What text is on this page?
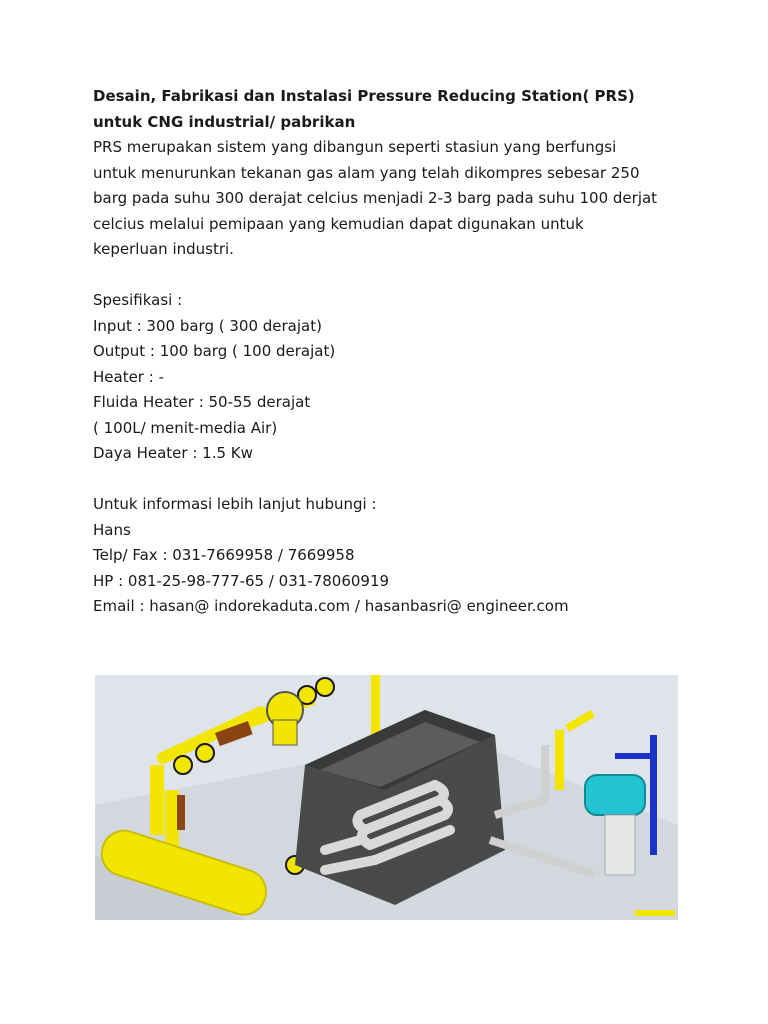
Desain, Fabrikasi dan Instalasi Pressure Reducing Station( PRS)
untuk CNG industrial/ pabrikan
PRS merupakan sistem yang dibangun seperti stasiun yang berfungsi
untuk menurunkan tekanan gas alam yang telah dikompres sebesar 250
barg pada suhu 300 derajat celcius menjadi 2-3 barg pada suhu 100 derjat
celcius melalui pemipaan yang kemudian dapat digunakan untuk
keperluan industri.
Spesifikasi :
Input : 300 barg ( 300 derajat)
Output : 100 barg ( 100 derajat)
Heater : -
Fluida Heater : 50-55 derajat
( 100L/ menit-media Air)
Daya Heater : 1.5 Kw
Untuk informasi lebih lanjut hubungi :
Hans
Telp/ Fax : 031-7669958 / 7669958
HP : 081-25-98-777-65 / 031-78060919
Email : hasan@ indorekaduta.com / hasanbasri@ engineer.com
